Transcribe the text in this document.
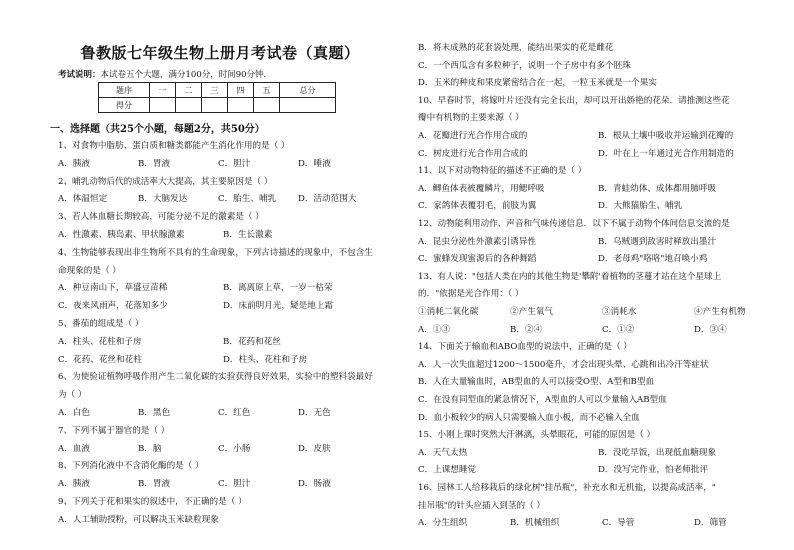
鲁教版七年级生物上册月考试卷（真题）
考试说明：本试卷五个大题，满分100分，时间90分钟．
题序	一	二	三	四	五	总分
得分						
一、选择题（共25个小题，每题2分，共50分）
1、对食物中脂肪、蛋白质和糖类都能产生消化作用的是（ ）
A．胰液	B．胃液	C．胆汁	D．唾液
2、哺乳动物后代的成活率大大提高，其主要原因是（ ）
A．体温恒定	B．大脑发达	C．胎生、哺乳	D．活动范围大
3、若人体血糖长期较高，可能分泌不足的激素是（ ）
A．性激素、胰岛素、甲状腺激素	B．生长激素
4、生物能够表现出非生物所不具有的生命现象，下列古诗描述的现象中，不包含生
命现象的是（ ）
A．种豆南山下，草盛豆苗稀	B．离离原上草，一岁一枯荣
C．夜来风雨声，花落知多少	D．床前明月光，疑是地上霜
5、番茄的组成是（ ）
A．柱头、花柱和子房	B．花药和花丝
C．花药、花丝和花柱	D．柱头、花柱和子房
6、为使验证植物呼吸作用产生二氧化碳的实验获得良好效果，实验中的塑料袋最好
为（ ）
A．白色	B．黑色	C．红色	D．无色
7、下列不属于器官的是（ ）
A．血液	B．脑	C．小肠	D．皮肤
8、下列消化液中不含消化酶的是（ ）
A．胰液	B．胃液	C．胆汁	D．肠液
9、下列关于花和果实的叙述中，不正确的是（ ）
A．人工辅助授粉，可以解决玉米缺粒现象
B．将未成熟的花套袋处理，能结出果实的花是雌花
C．一个西瓜含有多粒种子，说明一个子房中有多个胚珠
D．玉米的种皮和果皮紧密结合在一起，一粒玉米就是一个果实
10、早春时节，将嫁叶片还没有完全长出，却可以开出娇艳的花朵．请推测这些花
瓣中有机物的主要来源（ ）
A．花瓣进行光合作用合成的	B．根从土壤中吸收并运输到花瓣的
C．树皮进行光合作用合成的	D．叶在上一年通过光合作用制造的
11、以下对动物特征的描述不正确的是（ ）
A．鲫鱼体表被覆鳞片，用鳃呼吸	B．青蛙幼体、成体都用肺呼吸
C．家鸽体表覆羽毛，前肢为翼	D．大熊猫胎生、哺乳
12、动物能利用动作、声音和气味传递信息．以下不属于动物个体间信息交流的是
A．昆虫分泌性外激素引诱异性	B．乌贼遇到敌害时释放出墨汁
C．蜜蜂发现蜜源后的各种舞蹈	D．老母鸡"咯咯"地召唤小鸡
13、有人说："包括人类在内的其他生物是'攀附'着植物的茎蔓才站在这个星球上
的．"依据是光合作用：（ ）
①消耗二氧化碳	②产生氧气	③消耗水	④产生有机物
A．①③	B．②④	C．①②	D．③④
14、下面关于输血和ABO血型的说法中，正确的是（ ）
A．人一次失血超过1200～1500毫升，才会出现头晕、心跳和出冷汗等症状
B．人在大量输血时，AB型血的人可以接受O型、A型和B型血
C．在没有同型血的紧急情况下，A型血的人可以少量输入AB型血
D．血小板较少的病人只需要输入血小板，而不必输入全血
15、小刚上课时突然大汗淋漓，头晕眼花，可能的原因是（ ）
A．天气太热	B．没吃早饭，出现低血糖现象
C．上课想睡觉	D．没写完作业，怕老师批评
16、园林工人给移栽后的绿化树"挂吊瓶"，补充水和无机盐，以提高成活率，"
挂吊瓶"的针头应插入到茎的（ ）
A．分生组织	B．机械组织	C．导管	D．筛管
